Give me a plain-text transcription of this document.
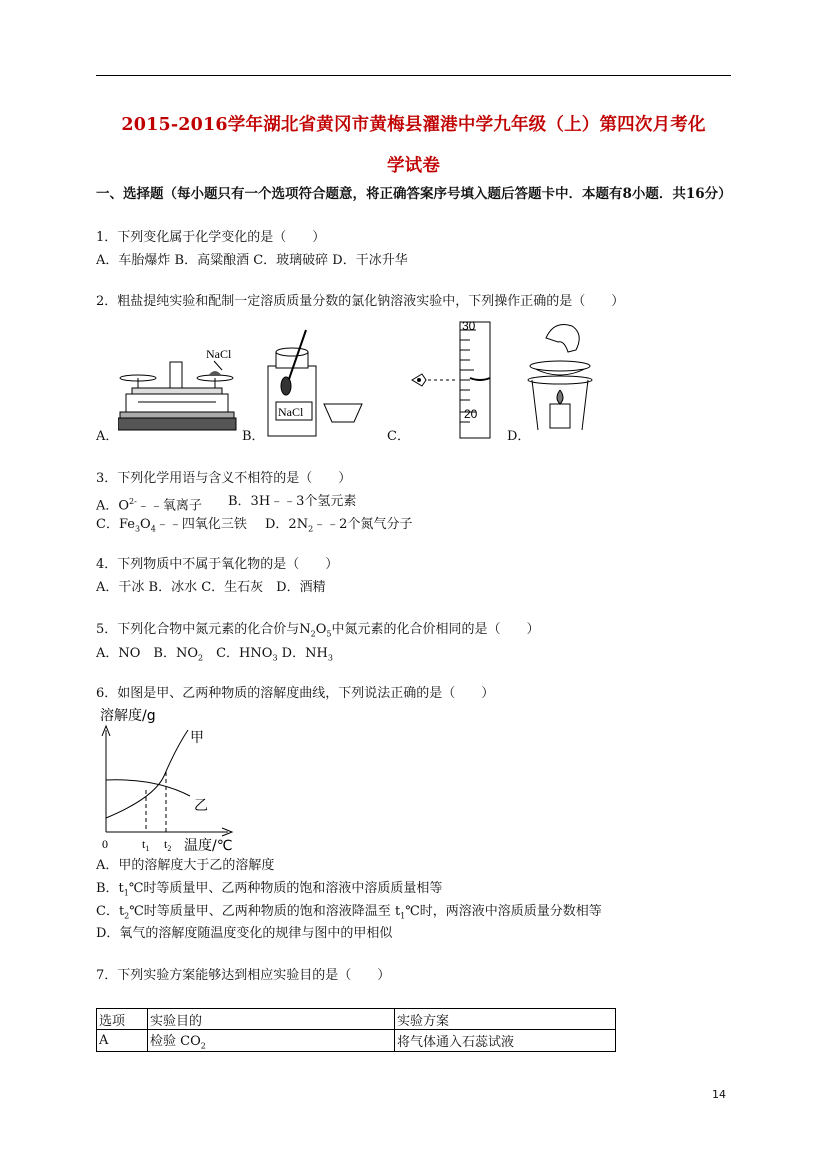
2015-2016学年湖北省黄冈市黄梅县濯港中学九年级（上）第四次月考化
学试卷
一、选择题（每小题只有一个选项符合题意，将正确答案序号填入题后答题卡中．本题有8小题．共16分）
1．下列变化属于化学变化的是（　　）
A．车胎爆炸 B．高粱酿酒 C．玻璃破碎 D．干冰升华
2．粗盐提纯实验和配制一定溶质质量分数的氯化钠溶液实验中，下列操作正确的是（　　）
A．
NaCl
B．
NaCl
C．
30
20
D．
3．下列化学用语与含义不相符的是（　　）
A．$O^{2-}﹣﹣$氧离子 B．3H﹣﹣3个氢元素
C．$Fe_3O_4﹣﹣$四氧化三铁 D．$2N_2﹣﹣2$个氮气分子
4．下列物质中不属于氧化物的是（　　）
A．干冰 B．冰水 C．生石灰　D．酒精
5．下列化合物中氮元素的化合价与$N_2O_5$中氮元素的化合价相同的是（　　）
A．NO　B．$NO_2$　C．$HNO_3$ D．$NH_3$
6．如图是甲、乙两种物质的溶解度曲线，下列说法正确的是（　　）
溶解度/g
甲
乙
0	$t_1$ $t_2$ 温度/℃
A．甲的溶解度大于乙的溶解度
B．$t_1℃$时等质量甲、乙两种物质的饱和溶液中溶质质量相等
C．$t_2℃$时等质量甲、乙两种物质的饱和溶液降温至 $t_1℃$时，两溶液中溶质质量分数相等
D．氧气的溶解度随温度变化的规律与图中的甲相似
7．下列实验方案能够达到相应实验目的是（　　）
选项	实验目的	实验方案
A	检验 $CO_2$	将气体通入石蕊试液
14
